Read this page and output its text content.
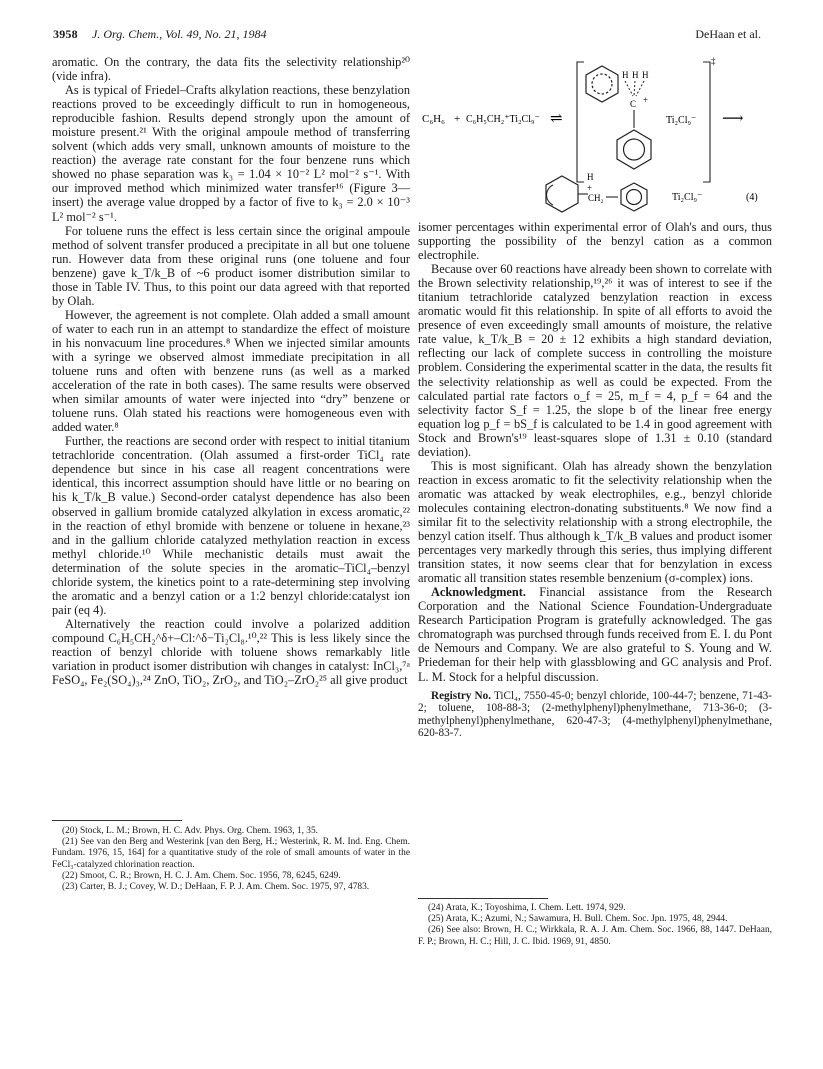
3958 J. Org. Chem., Vol. 49, No. 21, 1984	DeHaan et al.
C₆H₆ + C₆H₅CH₂⁺Ti₂Cl₉⁻ ⇌
‡
H H H
C +
Ti₂Cl₉⁻ ⟶
H
+
CH₂	Ti₂Cl₉⁻	(4)

aromatic. On the contrary, the data fits the selectivity relationship²⁰ (vide infra).

As is typical of Friedel–Crafts alkylation reactions, these benzylation reactions proved to be exceedingly difficult to run in homogeneous, reproducible fashion. Results depend strongly upon the amount of moisture present.²¹ With the original ampoule method of transferring solvent (which adds very small, unknown amounts of moisture to the reaction) the average rate constant for the four benzene runs which showed no phase separation was k₃ = 1.04 × 10⁻² L² mol⁻² s⁻¹. With our improved method which minimized water transfer¹⁶ (Figure 3—insert) the average value dropped by a factor of five to k₃ = 2.0 × 10⁻³ L² mol⁻² s⁻¹.

For toluene runs the effect is less certain since the original ampoule method of solvent transfer produced a precipitate in all but one toluene run. However data from these original runs (one toluene and four benzene) gave k_T/k_B of ~6 product isomer distribution similar to those in Table IV. Thus, to this point our data agreed with that reported by Olah.

However, the agreement is not complete. Olah added a small amount of water to each run in an attempt to standardize the effect of moisture in his nonvacuum line procedures.⁸ When we injected similar amounts with a syringe we observed almost immediate precipitation in all toluene runs and often with benzene runs (as well as a marked acceleration of the rate in both cases). The same results were observed when similar amounts of water were injected into “dry” benzene or toluene runs. Olah stated his reactions were homogeneous even with added water.⁸

Further, the reactions are second order with respect to initial titanium tetrachloride concentration. (Olah assumed a first-order TiCl₄ rate dependence but since in his case all reagent concentrations were identical, this incorrect assumption should have little or no bearing on his k_T/k_B value.) Second-order catalyst dependence has also been observed in gallium bromide catalyzed alkylation in excess aromatic,²² in the reaction of ethyl bromide with benzene or toluene in hexane,²³ and in the gallium chloride catalyzed methylation reaction in excess methyl chloride.¹⁰ While mechanistic details must await the determination of the solute species in the aromatic–TiCl₄–benzyl chloride system, the kinetics point to a rate-determining step involving the aromatic and a benzyl cation or a 1:2 benzyl chloride:catalyst ion pair (eq 4).

Alternatively the reaction could involve a polarized addition compound C₆H₅CH₂^δ+–Cl:^δ−Ti₂Cl₈.¹⁰,²² This is less likely since the reaction of benzyl chloride with toluene shows remarkably litle variation in product isomer distribution wih changes in catalyst: InCl₃,⁷ᵃ FeSO₄, Fe₂(SO₄)₃,²⁴ ZnO, TiO₂, ZrO₂, and TiO₂–ZrO₂²⁵ all give product

isomer percentages within experimental error of Olah's and ours, thus supporting the possibility of the benzyl cation as a common electrophile.

Because over 60 reactions have already been shown to correlate with the Brown selectivity relationship,¹⁹,²⁶ it was of interest to see if the titanium tetrachloride catalyzed benzylation reaction in excess aromatic would fit this relationship. In spite of all efforts to avoid the presence of even exceedingly small amounts of moisture, the relative rate value, k_T/k_B = 20 ± 12 exhibits a high standard deviation, reflecting our lack of complete success in controlling the moisture problem. Considering the experimental scatter in the data, the results fit the selectivity relationship as well as could be expected. From the calculated partial rate factors o_f = 25, m_f = 4, p_f = 64 and the selectivity factor S_f = 1.25, the slope b of the linear free energy equation log p_f = bS_f is calculated to be 1.4 in good agreement with Stock and Brown's¹⁹ least-squares slope of 1.31 ± 0.10 (standard deviation).

This is most significant. Olah has already shown the benzylation reaction in excess aromatic to fit the selectivity relationship when the aromatic was attacked by weak electrophiles, e.g., benzyl chloride molecules containing electron-donating substituents.⁸ We now find a similar fit to the selectivity relationship with a strong electrophile, the benzyl cation itself. Thus although k_T/k_B values and product isomer percentages very markedly through this series, thus implying different transition states, it now seems clear that for benzylation in excess aromatic all transition states resemble benzenium (σ-complex) ions.

Acknowledgment. Financial assistance from the Research Corporation and the National Science Foundation-Undergraduate Research Participation Program is gratefully acknowledged. The gas chromatograph was purchsed through funds received from E. I. du Pont de Nemours and Company. We are also grateful to S. Young and W. Priedeman for their help with glassblowing and GC analysis and Prof. L. M. Stock for a helpful discussion.

Registry No. TiCl₄, 7550-45-0; benzyl chloride, 100-44-7; benzene, 71-43-2; toluene, 108-88-3; (2-methylphenyl)phenylmethane, 713-36-0; (3-methylphenyl)phenylmethane, 620-47-3; (4-methylphenyl)phenylmethane, 620-83-7.

(20) Stock, L. M.; Brown, H. C. Adv. Phys. Org. Chem. 1963, 1, 35.
(21) See van den Berg and Westerink [van den Berg, H.; Westerink, R. M. Ind. Eng. Chem. Fundam. 1976, 15, 164] for a quantitative study of the role of small amounts of water in the FeCl₃-catalyzed chlorination reaction.
(22) Smoot, C. R.; Brown, H. C. J. Am. Chem. Soc. 1956, 78, 6245, 6249.
(23) Carter, B. J.; Covey, W. D.; DeHaan, F. P. J. Am. Chem. Soc. 1975, 97, 4783.
(24) Arata, K.; Toyoshima, I. Chem. Lett. 1974, 929.
(25) Arata, K.; Azumi, N.; Sawamura, H. Bull. Chem. Soc. Jpn. 1975, 48, 2944.
(26) See also: Brown, H. C.; Wirkkala, R. A. J. Am. Chem. Soc. 1966, 88, 1447. DeHaan, F. P.; Brown, H. C.; Hill, J. C. Ibid. 1969, 91, 4850.
